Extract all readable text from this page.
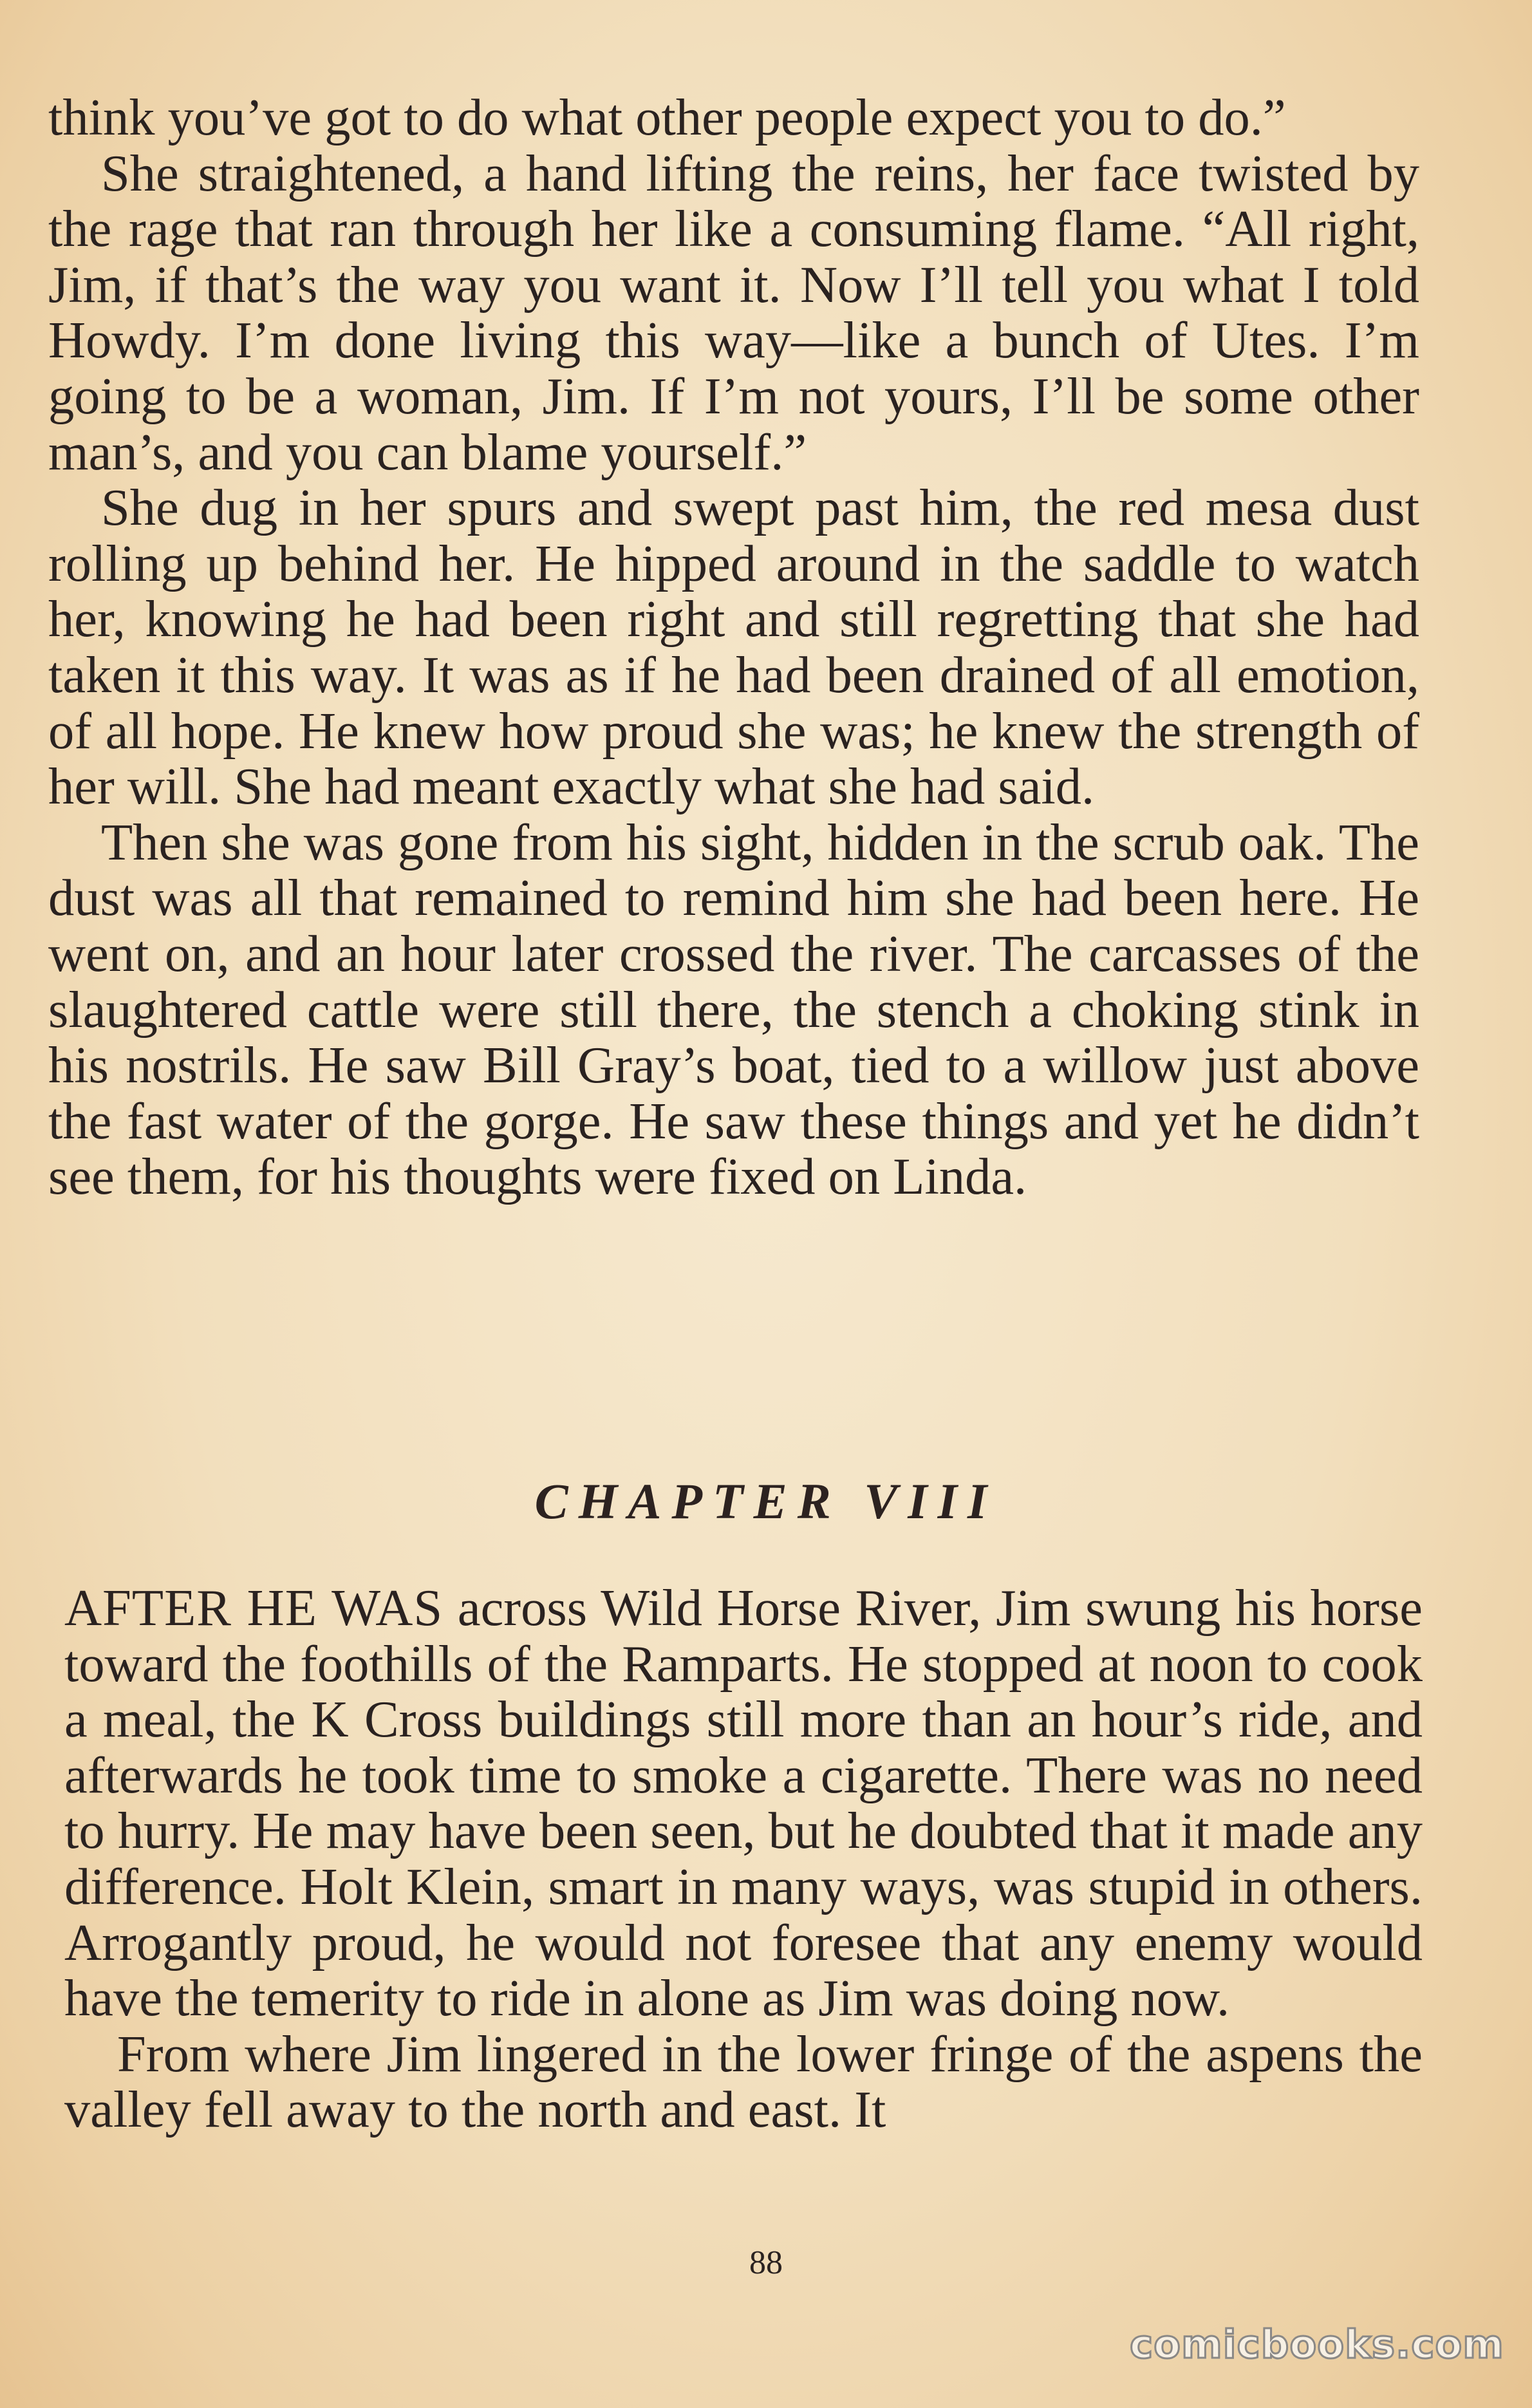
think you’ve got to do what other people expect you to do.”

She straightened, a hand lifting the reins, her face twisted by the rage that ran through her like a consuming flame. “All right, Jim, if that’s the way you want it. Now I’ll tell you what I told Howdy. I’m done living this way—like a bunch of Utes. I’m going to be a woman, Jim. If I’m not yours, I’ll be some other man’s, and you can blame yourself.”

She dug in her spurs and swept past him, the red mesa dust rolling up behind her. He hipped around in the saddle to watch her, knowing he had been right and still regretting that she had taken it this way. It was as if he had been drained of all emotion, of all hope. He knew how proud she was; he knew the strength of her will. She had meant exactly what she had said.

Then she was gone from his sight, hidden in the scrub oak. The dust was all that remained to remind him she had been here. He went on, and an hour later crossed the river. The carcasses of the slaughtered cattle were still there, the stench a choking stink in his nostrils. He saw Bill Gray’s boat, tied to a willow just above the fast water of the gorge. He saw these things and yet he didn’t see them, for his thoughts were fixed on Linda.

CHAPTER VIII

AFTER HE WAS across Wild Horse River, Jim swung his horse toward the foothills of the Ramparts. He stopped at noon to cook a meal, the K Cross buildings still more than an hour’s ride, and afterwards he took time to smoke a cigarette. There was no need to hurry. He may have been seen, but he doubted that it made any difference. Holt Klein, smart in many ways, was stupid in others. Arrogantly proud, he would not foresee that any enemy would have the temerity to ride in alone as Jim was doing now.

From where Jim lingered in the lower fringe of the aspens the valley fell away to the north and east. It

88
comicbooks.com
